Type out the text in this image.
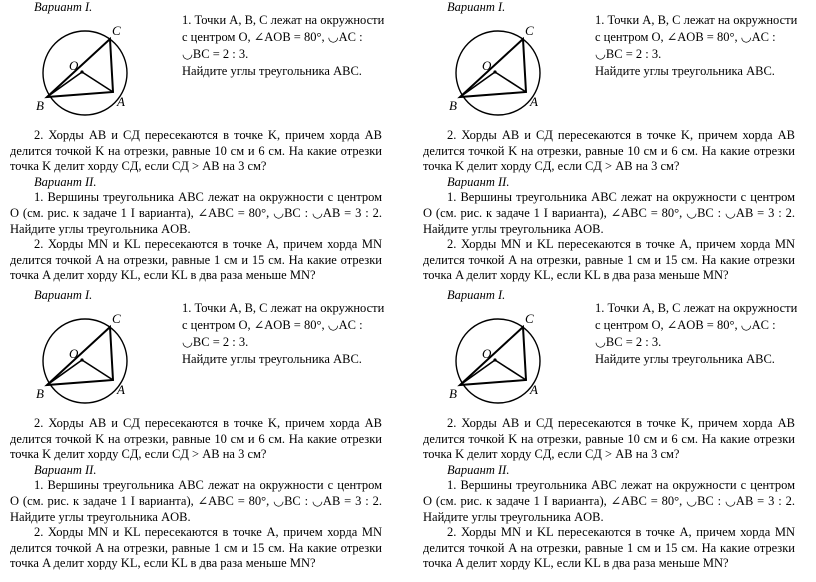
Вариант I.
C
O
B	A
1. Точки A, B, C лежат на окружности
с центром O, ∠AOB = 80°, ◡AC :
◡BC = 2 : 3.
Найдите углы треугольника ABC.

2. Хорды AB и CД пересекаются в точке K, причем хорда AB делится точкой K на отрезки, равные 10 см и 6 см. На какие отрезки точка K делит хорду CД, если CД > AB на 3 см?

Вариант II.

1. Вершины треугольника ABC лежат на окружности с центром O (см. рис. к задаче 1 I варианта), ∠ABC = 80°, ◡BC : ◡AB = 3 : 2. Найдите углы треугольника AOB.

2. Хорды MN и KL пересекаются в точке A, причем хорда MN делится точкой A на отрезки, равные 1 см и 15 см. На какие отрезки точка A делит хорду KL, если KL в два раза меньше MN?

Вариант I.
C
O
B	A
1. Точки A, B, C лежат на окружности
с центром O, ∠AOB = 80°, ◡AC :
◡BC = 2 : 3.
Найдите углы треугольника ABC.

2. Хорды AB и CД пересекаются в точке K, причем хорда AB делится точкой K на отрезки, равные 10 см и 6 см. На какие отрезки точка K делит хорду CД, если CД > AB на 3 см?

Вариант II.

1. Вершины треугольника ABC лежат на окружности с центром O (см. рис. к задаче 1 I варианта), ∠ABC = 80°, ◡BC : ◡AB = 3 : 2. Найдите углы треугольника AOB.

2. Хорды MN и KL пересекаются в точке A, причем хорда MN делится точкой A на отрезки, равные 1 см и 15 см. На какие отрезки точка A делит хорду KL, если KL в два раза меньше MN?

Вариант I.
C
O
B	A
1. Точки A, B, C лежат на окружности
с центром O, ∠AOB = 80°, ◡AC :
◡BC = 2 : 3.
Найдите углы треугольника ABC.

2. Хорды AB и CД пересекаются в точке K, причем хорда AB делится точкой K на отрезки, равные 10 см и 6 см. На какие отрезки точка K делит хорду CД, если CД > AB на 3 см?

Вариант II.

1. Вершины треугольника ABC лежат на окружности с центром O (см. рис. к задаче 1 I варианта), ∠ABC = 80°, ◡BC : ◡AB = 3 : 2. Найдите углы треугольника AOB.

2. Хорды MN и KL пересекаются в точке A, причем хорда MN делится точкой A на отрезки, равные 1 см и 15 см. На какие отрезки точка A делит хорду KL, если KL в два раза меньше MN?

Вариант I.
C
O
B	A
1. Точки A, B, C лежат на окружности
с центром O, ∠AOB = 80°, ◡AC :
◡BC = 2 : 3.
Найдите углы треугольника ABC.

2. Хорды AB и CД пересекаются в точке K, причем хорда AB делится точкой K на отрезки, равные 10 см и 6 см. На какие отрезки точка K делит хорду CД, если CД > AB на 3 см?

Вариант II.

1. Вершины треугольника ABC лежат на окружности с центром O (см. рис. к задаче 1 I варианта), ∠ABC = 80°, ◡BC : ◡AB = 3 : 2. Найдите углы треугольника AOB.

2. Хорды MN и KL пересекаются в точке A, причем хорда MN делится точкой A на отрезки, равные 1 см и 15 см. На какие отрезки точка A делит хорду KL, если KL в два раза меньше MN?
